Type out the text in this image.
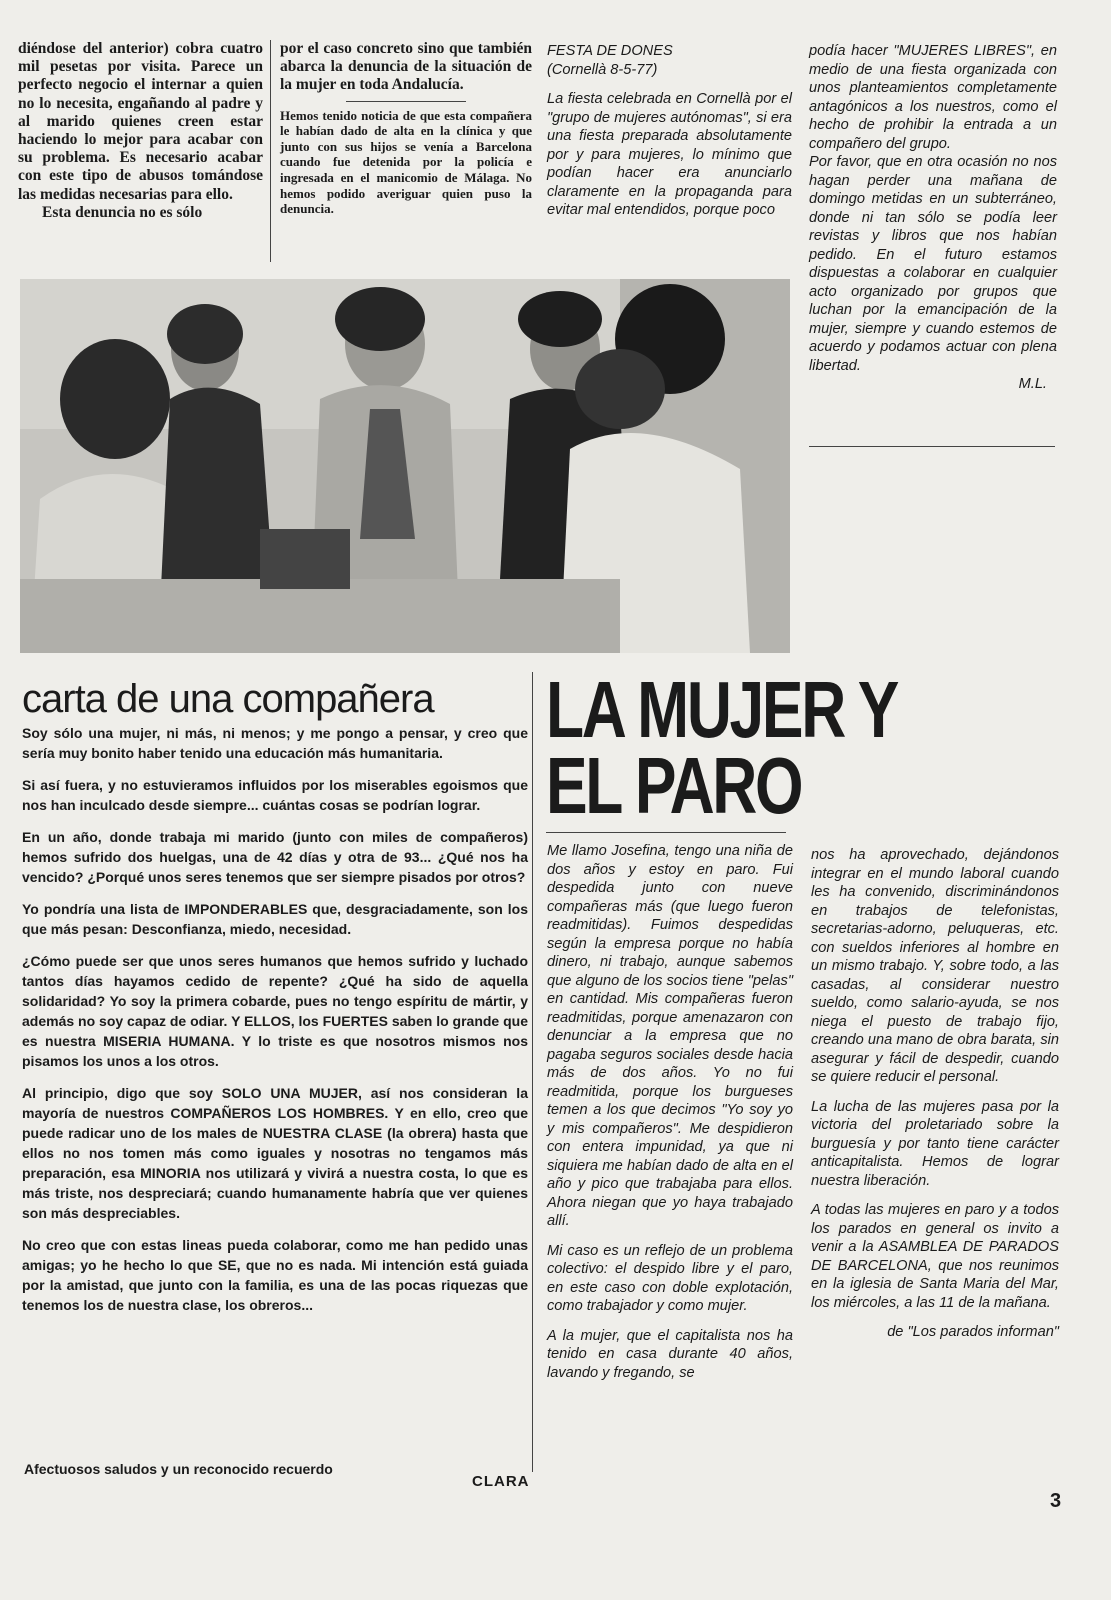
diéndose del anterior) cobra cuatro mil pesetas por visita. Parece un perfecto negocio el internar a quien no lo necesita, engañando al padre y al marido quienes creen estar haciendo lo mejor para acabar con su problema. Es necesario acabar con este tipo de abusos tomándose las medidas necesarias para ello.

Esta denuncia no es sólo

por el caso concreto sino que también abarca la denuncia de la situación de la mujer en toda Andalucía.

Hemos tenido noticia de que esta compañera le habían dado de alta en la clínica y que junto con sus hijos se venía a Barcelona cuando fue detenida por la policía e ingresada en el manicomio de Málaga. No hemos podido averiguar quien puso la denuncia.

FESTA DE DONES

(Cornellà 8-5-77)

La fiesta celebrada en Cornellà por el "grupo de mujeres autónomas", si era una fiesta preparada absolutamente por y para mujeres, lo mínimo que podían hacer era anunciarlo claramente en la propaganda para evitar mal entendidos, porque poco

podía hacer "MUJERES LIBRES", en medio de una fiesta organizada con unos planteamientos completamente antagónicos a los nuestros, como el hecho de prohibir la entrada a un compañero del grupo.

Por favor, que en otra ocasión no nos hagan perder una mañana de domingo metidas en un subterráneo, donde ni tan sólo se podía leer revistas y libros que nos habían pedido. En el futuro estamos dispuestas a colaborar en cualquier acto organizado por grupos que luchan por la emancipación de la mujer, siempre y cuando estemos de acuerdo y podamos actuar con plena libertad.

M.L.

carta de una compañera

Soy sólo una mujer, ni más, ni menos; y me pongo a pensar, y creo que sería muy bonito haber tenido una educación más humanitaria.

Si así fuera, y no estuvieramos influidos por los miserables egoismos que nos han inculcado desde siempre... cuántas cosas se podrían lograr.

En un año, donde trabaja mi marido (junto con miles de compañeros) hemos sufrido dos huelgas, una de 42 días y otra de 93... ¿Qué nos ha vencido? ¿Porqué unos seres tenemos que ser siempre pisados por otros?

Yo pondría una lista de IMPONDERABLES que, desgraciadamente, son los que más pesan: Desconfianza, miedo, necesidad.

¿Cómo puede ser que unos seres humanos que hemos sufrido y luchado tantos días hayamos cedido de repente? ¿Qué ha sido de aquella solidaridad? Yo soy la primera cobarde, pues no tengo espíritu de mártir, y además no soy capaz de odiar. Y ELLOS, los FUERTES saben lo grande que es nuestra MISERIA HUMANA. Y lo triste es que nosotros mismos nos pisamos los unos a los otros.

Al principio, digo que soy SOLO UNA MUJER, así nos consideran la mayoría de nuestros COMPAÑEROS LOS HOMBRES. Y en ello, creo que puede radicar uno de los males de NUESTRA CLASE (la obrera) hasta que ellos no nos tomen más como iguales y nosotras no tengamos más preparación, esa MINORIA nos utilizará y vivirá a nuestra costa, lo que es más triste, nos despreciará; cuando humanamente habría que ver quienes son más despreciables.

No creo que con estas lineas pueda colaborar, como me han pedido unas amigas; yo he hecho lo que SE, que no es nada. Mi intención está guiada por la amistad, que junto con la familia, es una de las pocas riquezas que tenemos los de nuestra clase, los obreros...

Afectuosos saludos y un reconocido recuerdo
CLARA
LA MUJER Y
EL PARO

Me llamo Josefina, tengo una niña de dos años y estoy en paro. Fui despedida junto con nueve compañeras más (que luego fueron readmitidas). Fuimos despedidas según la empresa porque no había dinero, ni trabajo, aunque sabemos que alguno de los socios tiene "pelas" en cantidad. Mis compañeras fueron readmitidas, porque amenazaron con denunciar a la empresa que no pagaba seguros sociales desde hacia más de dos años. Yo no fui readmitida, porque los burgueses temen a los que decimos "Yo soy yo y mis compañeros". Me despidieron con entera impunidad, ya que ni siquiera me habían dado de alta en el año y pico que trabajaba para ellos. Ahora niegan que yo haya trabajado allí.

Mi caso es un reflejo de un problema colectivo: el despido libre y el paro, en este caso con doble explotación, como trabajador y como mujer.

A la mujer, que el capitalista nos ha tenido en casa durante 40 años, lavando y fregando, se

nos ha aprovechado, dejándonos integrar en el mundo laboral cuando les ha convenido, discriminándonos en trabajos de telefonistas, secretarias-adorno, peluqueras, etc. con sueldos inferiores al hombre en un mismo trabajo. Y, sobre todo, a las casadas, al considerar nuestro sueldo, como salario-ayuda, se nos niega el puesto de trabajo fijo, creando una mano de obra barata, sin asegurar y fácil de despedir, cuando se quiere reducir el personal.

La lucha de las mujeres pasa por la victoria del proletariado sobre la burguesía y por tanto tiene carácter anticapitalista. Hemos de lograr nuestra liberación.

A todas las mujeres en paro y a todos los parados en general os invito a venir a la ASAMBLEA DE PARADOS DE BARCELONA, que nos reunimos en la iglesia de Santa Maria del Mar, los miércoles, a las 11 de la mañana.

de "Los parados informan"

3
